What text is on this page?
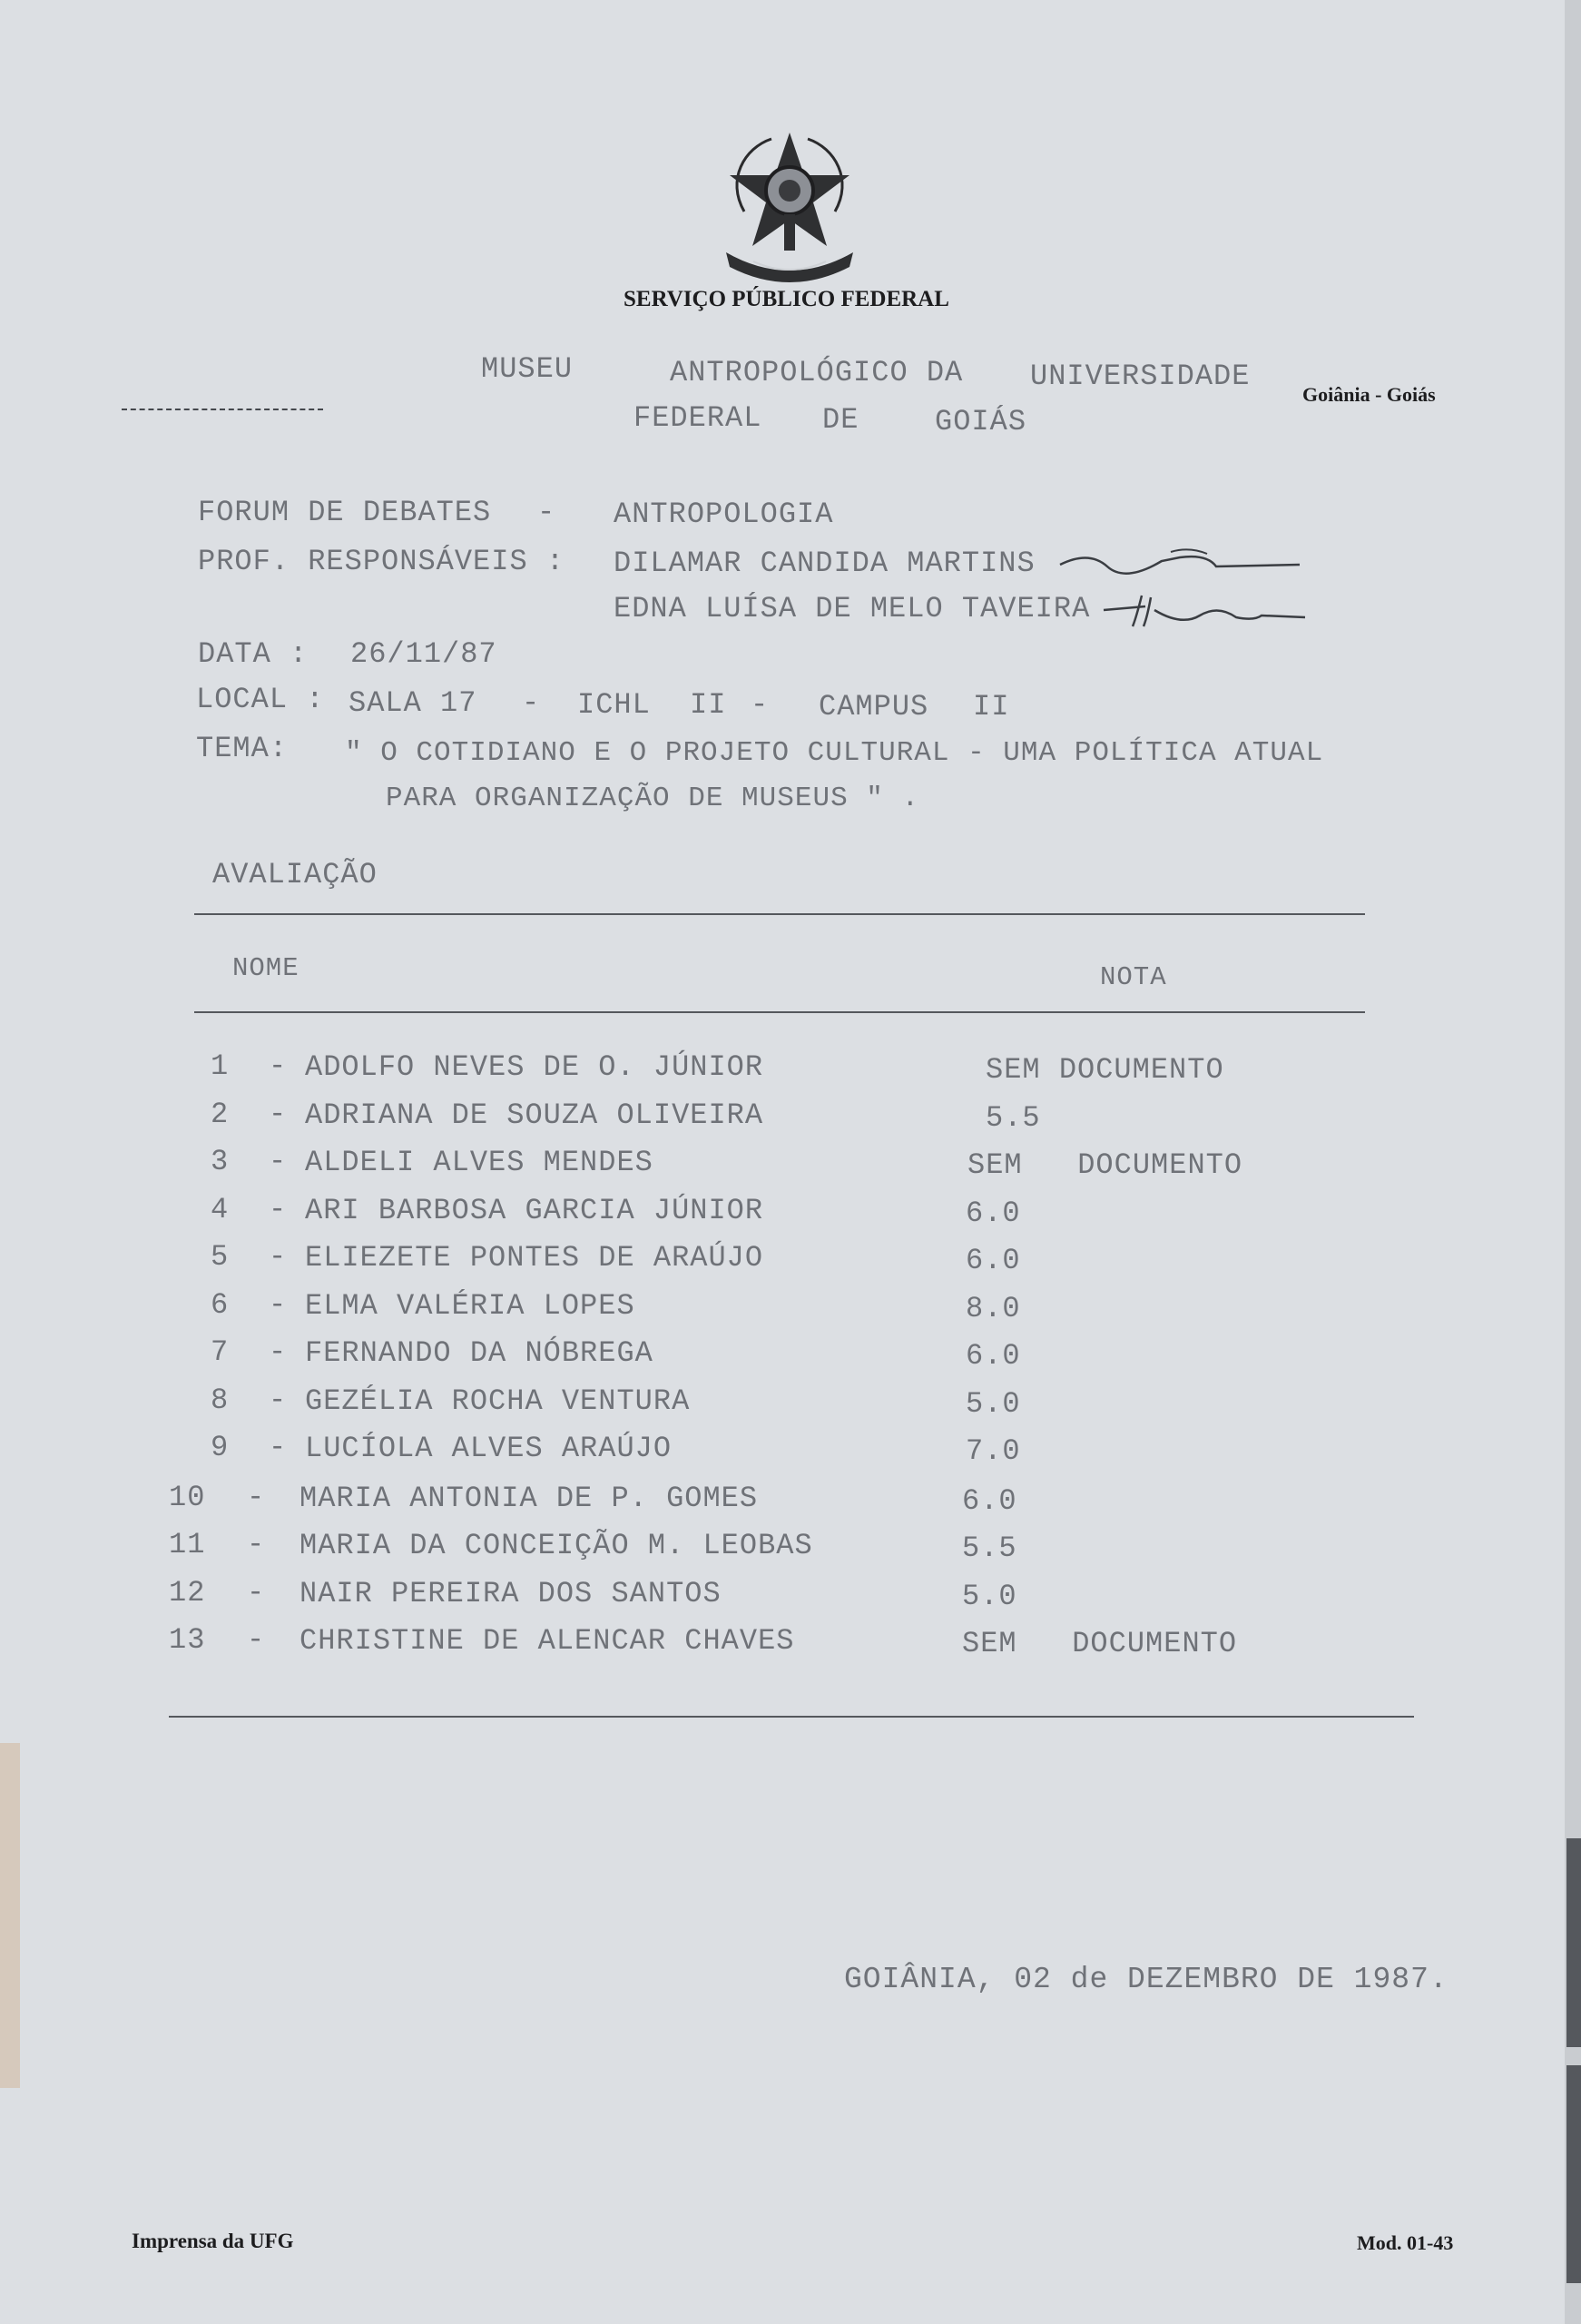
SERVIÇO PÚBLICO FEDERAL
MUSEU	ANTROPOLÓGICO DA UNIVERSIDADE
FEDERAL DE	GOIÁS
Goiânia - Goiás
FORUM DE DEBATES - ANTROPOLOGIA
PROF. RESPONSÁVEIS : DILAMAR CANDIDA MARTINS
EDNA LUÍSA DE MELO TAVEIRA
DATA : 26/11/87
LOCAL : SALA 17 - ICHL II - CAMPUS II
TEMA: " O COTIDIANO E O PROJETO CULTURAL - UMA POLÍTICA ATUAL
PARA ORGANIZAÇÃO DE MUSEUS " .
AVALIAÇÃO
NOME	NOTA
1 - ADOLFO NEVES DE O. JÚNIOR	SEM DOCUMENTO
2 - ADRIANA DE SOUZA OLIVEIRA	5.5
3 - ALDELI ALVES MENDES	SEM   DOCUMENTO
4 - ARI BARBOSA GARCIA JÚNIOR	6.0
5 - ELIEZETE PONTES DE ARAÚJO	6.0
6 - ELMA VALÉRIA LOPES	8.0
7 - FERNANDO DA NÓBREGA	6.0
8 - GEZÉLIA ROCHA VENTURA	5.0
9 - LUCÍOLA ALVES ARAÚJO	7.0
10 - MARIA ANTONIA DE P. GOMES	6.0
11 - MARIA DA CONCEIÇÃO M. LEOBAS	5.5
12 - NAIR PEREIRA DOS SANTOS	5.0
13 - CHRISTINE DE ALENCAR CHAVES	SEM   DOCUMENTO
GOIÂNIA, 02 de DEZEMBRO DE 1987.
Imprensa da UFG	Mod. 01-43
